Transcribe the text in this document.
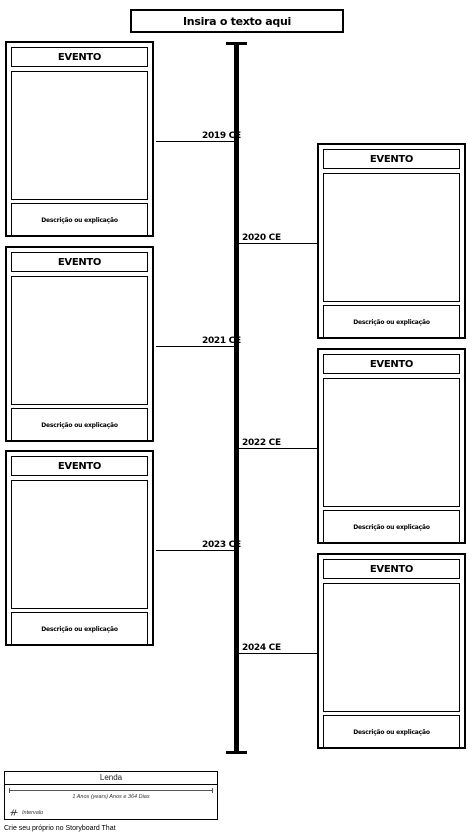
Insira o texto aqui
2019 CE
EVENTO
Descrição ou explicação
2020 CE
EVENTO
Descrição ou explicação
2021 CE
EVENTO
Descrição ou explicação
2022 CE
EVENTO
Descrição ou explicação
2023 CE
EVENTO
Descrição ou explicação
2024 CE
EVENTO
Descrição ou explicação
Lenda
1 Anos (years) Anos e 364 Dias
Intervalo
Crie seu próprio no Storyboard That
